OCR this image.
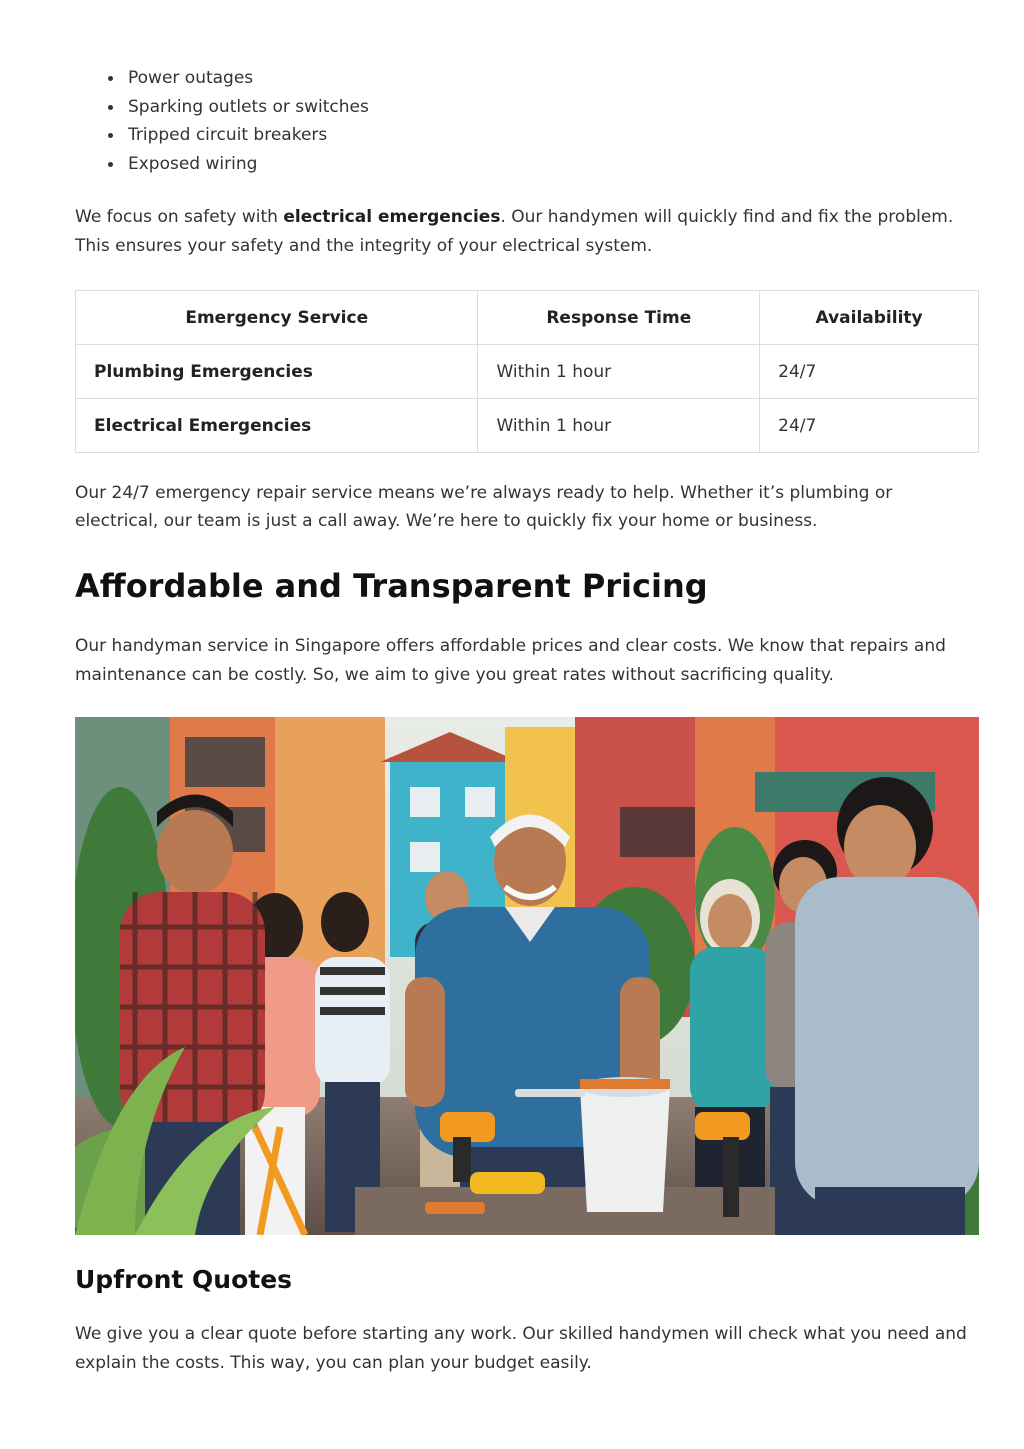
Power outages
Sparking outlets or switches
Tripped circuit breakers
Exposed wiring

We focus on safety with electrical emergencies. Our handymen will quickly find and fix the problem. This ensures your safety and the integrity of your electrical system.

Emergency Service	Response Time	Availability
Plumbing Emergencies	Within 1 hour	24/7
Electrical Emergencies	Within 1 hour	24/7

Our 24/7 emergency repair service means we’re always ready to help. Whether it’s plumbing or electrical, our team is just a call away. We’re here to quickly fix your home or business.

Affordable and Transparent Pricing

Our handyman service in Singapore offers affordable prices and clear costs. We know that repairs and maintenance can be costly. So, we aim to give you great rates without sacrificing quality.

Upfront Quotes

We give you a clear quote before starting any work. Our skilled handymen will check what you need and explain the costs. This way, you can plan your budget easily.
